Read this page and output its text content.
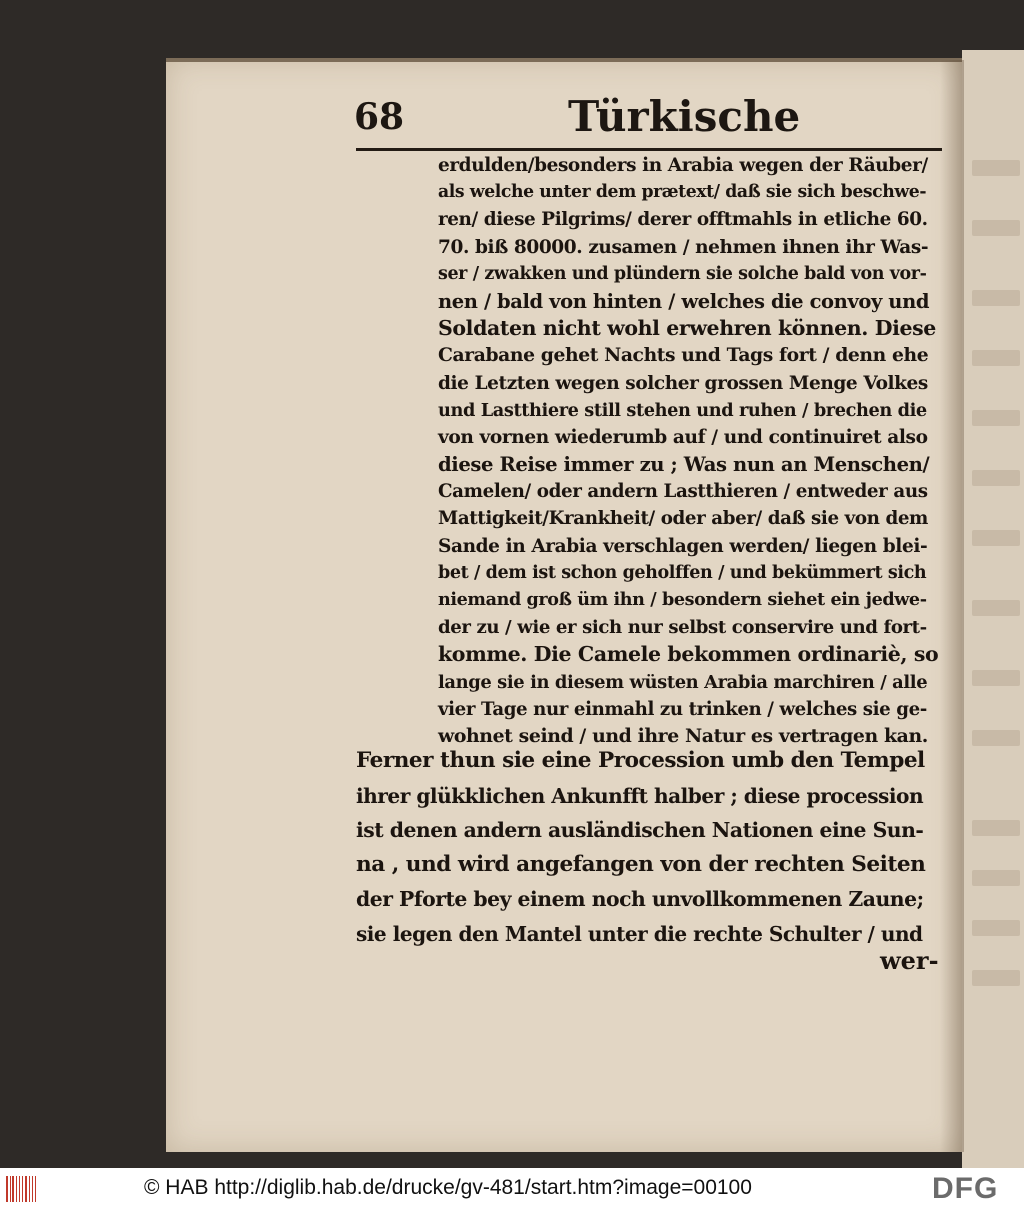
68	Türkische
erdulden/besonders in Arabia wegen der Räuber/
als welche unter dem prætext/ daß sie sich beschwe-
ren/ diese Pilgrims/ derer offtmahls in etliche 60.
70. biß 80000. zusamen / nehmen ihnen ihr Was-
ser / zwakken und plündern sie solche bald von vor-
nen / bald von hinten / welches die convoy und
Soldaten nicht wohl erwehren können. Diese
Carabane gehet Nachts und Tags fort / denn ehe
die Letzten wegen solcher grossen Menge Volkes
und Lastthiere still stehen und ruhen / brechen die
von vornen wiederumb auf / und continuiret also
diese Reise immer zu ; Was nun an Menschen/
Camelen/ oder andern Lastthieren / entweder aus
Mattigkeit/Krankheit/ oder aber/ daß sie von dem
Sande in Arabia verschlagen werden/ liegen blei-
bet / dem ist schon geholffen / und bekümmert sich
niemand groß üm ihn / besondern siehet ein jedwe-
der zu / wie er sich nur selbst conservire und fort-
komme. Die Camele bekommen ordinariè, so
lange sie in diesem wüsten Arabia marchiren / alle
vier Tage nur einmahl zu trinken / welches sie ge-
wohnet seind / und ihre Natur es vertragen kan.
Ferner thun sie eine Procession umb den Tempel
ihrer glükklichen Ankunfft halber ; diese procession
ist denen andern ausländischen Nationen eine Sun-
na , und wird angefangen von der rechten Seiten
der Pforte bey einem noch unvollkommenen Zaune;
sie legen den Mantel unter die rechte Schulter / und
wer-
© HAB http://diglib.hab.de/drucke/gv-481/start.htm?image=00100	DFG
